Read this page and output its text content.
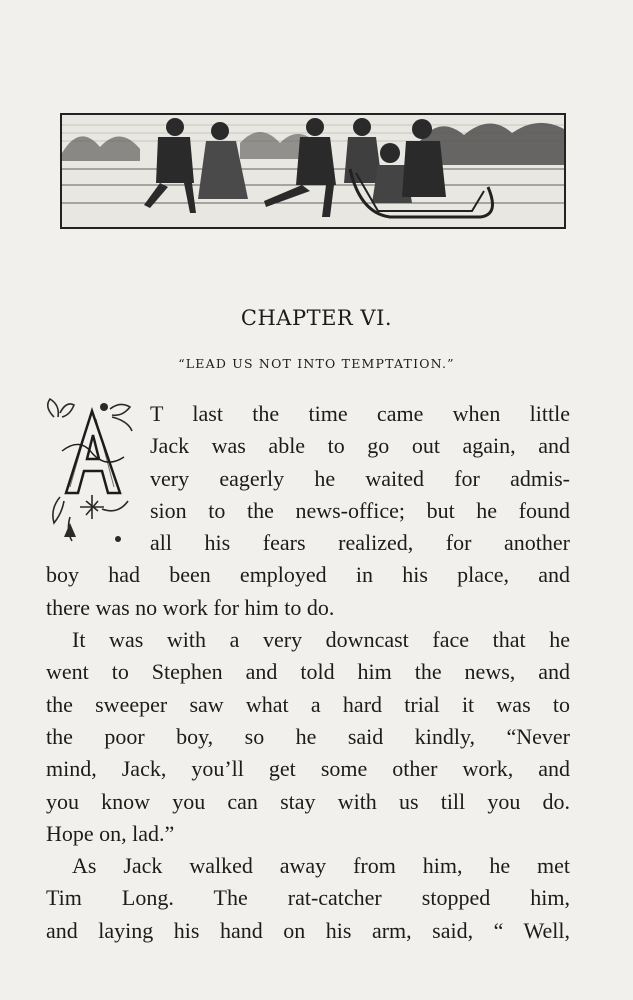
CHAPTER VI.
“LEAD US NOT INTO TEMPTATION.”
T last the time came when little
Jack was able to go out again, and
very eagerly he waited for admis-
sion to the news-office; but he found
all his fears realized, for another
boy had been employed in his place, and
there was no work for him to do.
It was with a very downcast face that he
went to Stephen and told him the news, and
the sweeper saw what a hard trial it was to
the poor boy, so he said kindly, “Never
mind, Jack, you’ll get some other work, and
you know you can stay with us till you do.
Hope on, lad.”
As Jack walked away from him, he met
Tim Long. The rat-catcher stopped him,
and laying his hand on his arm, said, “ Well,
